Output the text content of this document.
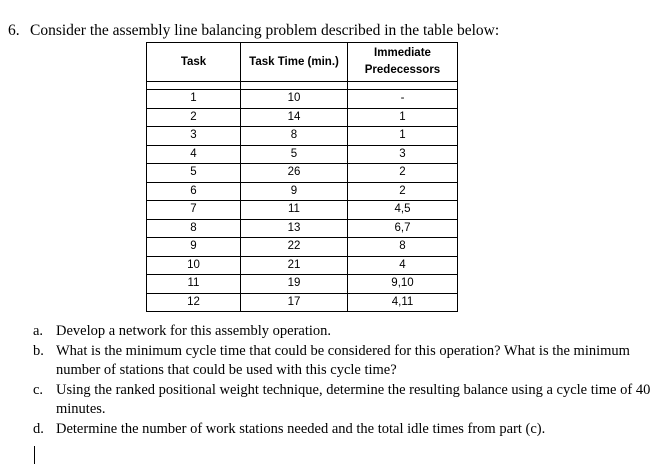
6. Consider the assembly line balancing problem described in the table below:
Task	Task Time (min.)	Immediate
Predecessors

1	10	-
2	14	1
3	8	1
4	5	3
5	26	2
6	9	2
7	11	4,5
8	13	6,7
9	22	8
10	21	4
11	19	9,10
12	17	4,11
a. Develop a network for this assembly operation.
b. What is the minimum cycle time that could be considered for this operation? What is the minimum number of stations that could be used with this cycle time?
c. Using the ranked positional weight technique, determine the resulting balance using a cycle time of 40 minutes.
d. Determine the number of work stations needed and the total idle times from part (c).
